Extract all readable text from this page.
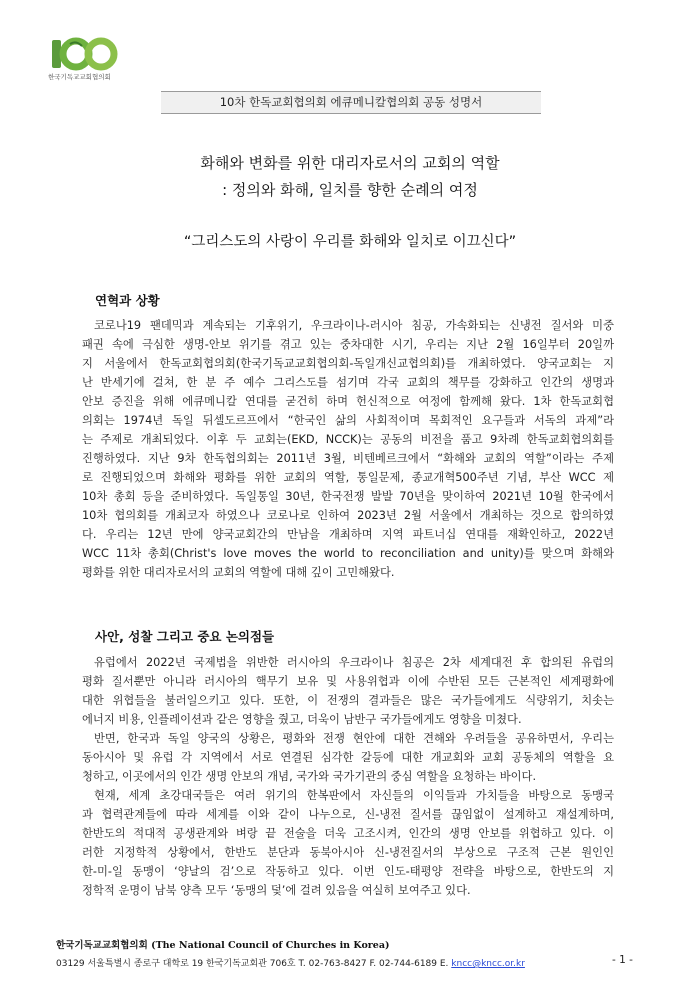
한국기독교교회협의회
10차 한독교회협의회 에큐메니칼협의회 공동 성명서
화해와 변화를 위한 대리자로서의 교회의 역할
: 정의와 화해, 일치를 향한 순례의 여정
“그리스도의 사랑이 우리를 화해와 일치로 이끄신다”
연혁과 상황
코로나19 팬데믹과 계속되는 기후위기, 우크라이나-러시아 침공, 가속화되는 신냉전 질서와 미중
패권 속에 극심한 생명-안보 위기를 겪고 있는 중차대한 시기, 우리는 지난 2월 16일부터 20일까
지 서울에서 한독교회협의회(한국기독교교회협의회-독일개신교협의회)를 개최하였다. 양국교회는 지
난 반세기에 걸쳐, 한 분 주 예수 그리스도를 섬기며 각국 교회의 책무를 강화하고 인간의 생명과
안보 증진을 위해 에큐메니칼 연대를 굳건히 하며 헌신적으로 여정에 함께해 왔다. 1차 한독교회협
의회는 1974년 독일 뒤셀도르프에서 “한국인 삶의 사회적이며 목회적인 요구들과 서독의 과제”라
는 주제로 개최되었다. 이후 두 교회는(EKD, NCCK)는 공동의 비전을 품고 9차례 한독교회협의회를
진행하였다. 지난 9차 한독협의회는 2011년 3월, 비텐베르크에서 “화해와 교회의 역할”이라는 주제
로 진행되었으며 화해와 평화를 위한 교회의 역할, 통일문제, 종교개혁500주년 기념, 부산 WCC 제
10차 총회 등을 준비하였다. 독일통일 30년, 한국전쟁 발발 70년을 맞이하여 2021년 10월 한국에서
10차 협의회를 개최코자 하였으나 코로나로 인하여 2023년 2월 서울에서 개최하는 것으로 합의하였
다. 우리는 12년 만에 양국교회간의 만남을 개최하며 지역 파트너십 연대를 재확인하고, 2022년
WCC 11차 총회(Christ's love moves the world to reconciliation and unity)를 맞으며 화해와
평화를 위한 대리자로서의 교회의 역할에 대해 깊이 고민해왔다.
사안, 성찰 그리고 중요 논의점들
유럽에서 2022년 국제법을 위반한 러시아의 우크라이나 침공은 2차 세계대전 후 합의된 유럽의
평화 질서뿐만 아니라 러시아의 핵무기 보유 및 사용위협과 이에 수반된 모든 근본적인 세계평화에
대한 위협들을 불러일으키고 있다. 또한, 이 전쟁의 결과들은 많은 국가들에게도 식량위기, 치솟는
에너지 비용, 인플레이션과 같은 영향을 줬고, 더욱이 남반구 국가들에게도 영향을 미쳤다.
반면, 한국과 독일 양국의 상황은, 평화와 전쟁 현안에 대한 견해와 우려들을 공유하면서, 우리는
동아시아 및 유럽 각 지역에서 서로 연결된 심각한 갈등에 대한 개교회와 교회 공동체의 역할을 요
청하고, 이곳에서의 인간 생명 안보의 개념, 국가와 국가기관의 중심 역할을 요청하는 바이다.
현재, 세계 초강대국들은 여러 위기의 한복판에서 자신들의 이익들과 가치들을 바탕으로 동맹국
과 협력관계들에 따라 세계를 이와 같이 나누으로, 신-냉전 질서를 끊임없이 설계하고 재설계하며,
한반도의 적대적 공생관계와 벼랑 끝 전술을 더욱 고조시켜, 인간의 생명 안보를 위협하고 있다. 이
러한 지정학적 상황에서, 한반도 분단과 동북아시아 신-냉전질서의 부상으로 구조적 근본 원인인
한-미-일 동맹이 ‘양날의 검’으로 작동하고 있다. 이번 인도-태평양 전략을 바탕으로, 한반도의 지
정학적 운명이 남북 양측 모두 ‘동맹의 덫’에 걸려 있음을 여실히 보여주고 있다.
한국기독교교회협의회 (The National Council of Churches in Korea)
03129 서울특별시 종로구 대학로 19 한국기독교회관 706호 T. 02-763-8427 F. 02-744-6189 E. kncc@kncc.or.kr	- 1 -
